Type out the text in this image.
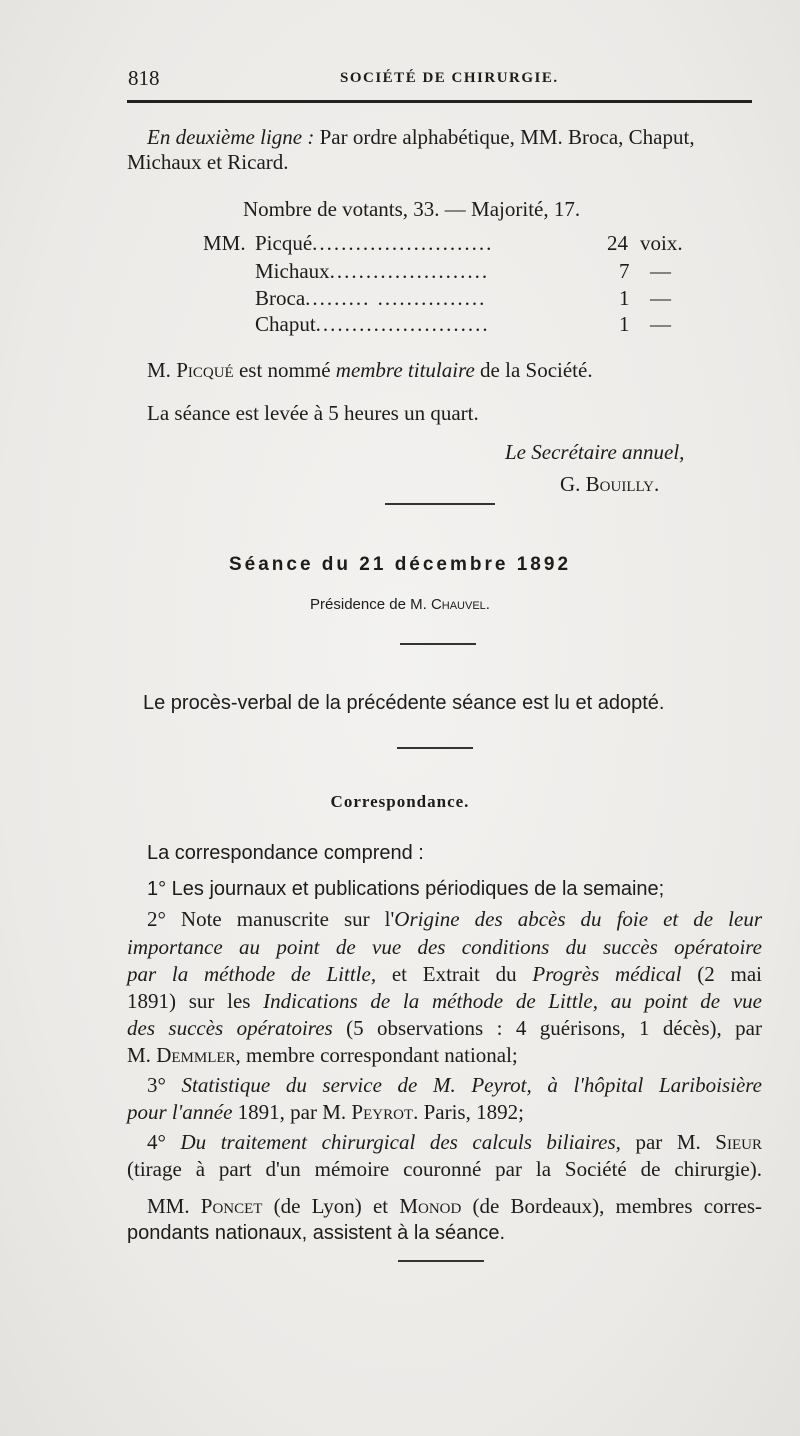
818	SOCIÉTÉ DE CHIRURGIE.
En deuxième ligne : Par ordre alphabétique, MM. Broca, Chaput,
Michaux et Ricard.
Nombre de votants, 33. — Majorité, 17.
MM. Picqué.........................	24 voix.
Michaux......................	7 —
Broca......... ...............	1 —
Chaput........................	1 —
M. Picqué est nommé membre titulaire de la Société.
La séance est levée à 5 heures un quart.
Le Secrétaire annuel,
G. Bouilly.
Séance du 21 décembre 1892
Présidence de M. Chauvel.
Le procès-verbal de la précédente séance est lu et adopté.
Correspondance.
La correspondance comprend :
1° Les journaux et publications périodiques de la semaine;
2° Note manuscrite sur l'Origine des abcès du foie et de leur
importance au point de vue des conditions du succès opératoire
par la méthode de Little, et Extrait du Progrès médical (2 mai
1891) sur les Indications de la méthode de Little, au point de vue
des succès opératoires (5 observations : 4 guérisons, 1 décès), par
M. Demmler, membre correspondant national;
3° Statistique du service de M. Peyrot, à l'hôpital Lariboisière
pour l'année 1891, par M. Peyrot. Paris, 1892;
4° Du traitement chirurgical des calculs biliaires, par M. Sieur
(tirage à part d'un mémoire couronné par la Société de chirurgie).
MM. Poncet (de Lyon) et Monod (de Bordeaux), membres corres-
pondants nationaux, assistent à la séance.
